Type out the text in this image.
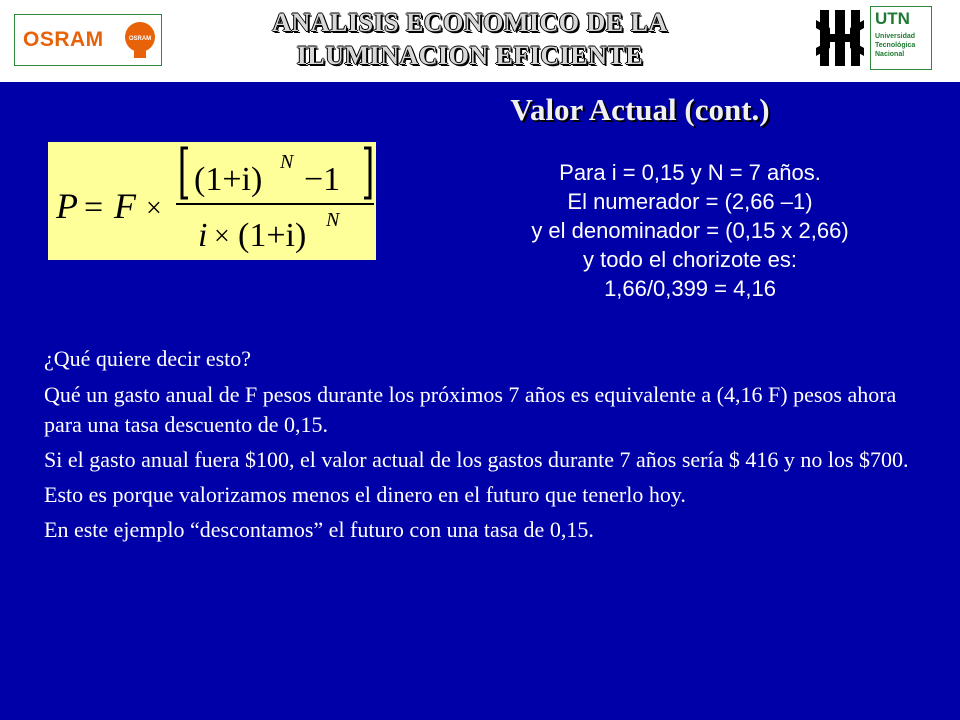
OSRAM	OSRAM
ANALISIS ECONOMICO DE LA
ILUMINACION EFICIENTE
UTN
Universidad
Tecnológica
Nacional
Valor Actual (cont.)
P = F ×
(1+i) N −1
i × (1+i) N
Para i = 0,15 y N = 7 años.
El numerador = (2,66 –1)
y el denominador = (0,15 x 2,66)
y todo el chorizote es:
1,66/0,399 = 4,16

¿Qué quiere decir esto?

Qué un gasto anual de F pesos durante los próximos 7 años es equivalente a (4,16 F) pesos ahora para una tasa descuento de 0,15.

Si el gasto anual fuera $100, el valor actual de los gastos durante 7 años sería $ 416 y no los $700.

Esto es porque valorizamos menos el dinero en el futuro que tenerlo hoy.

En este ejemplo “descontamos” el futuro con una tasa de 0,15.
